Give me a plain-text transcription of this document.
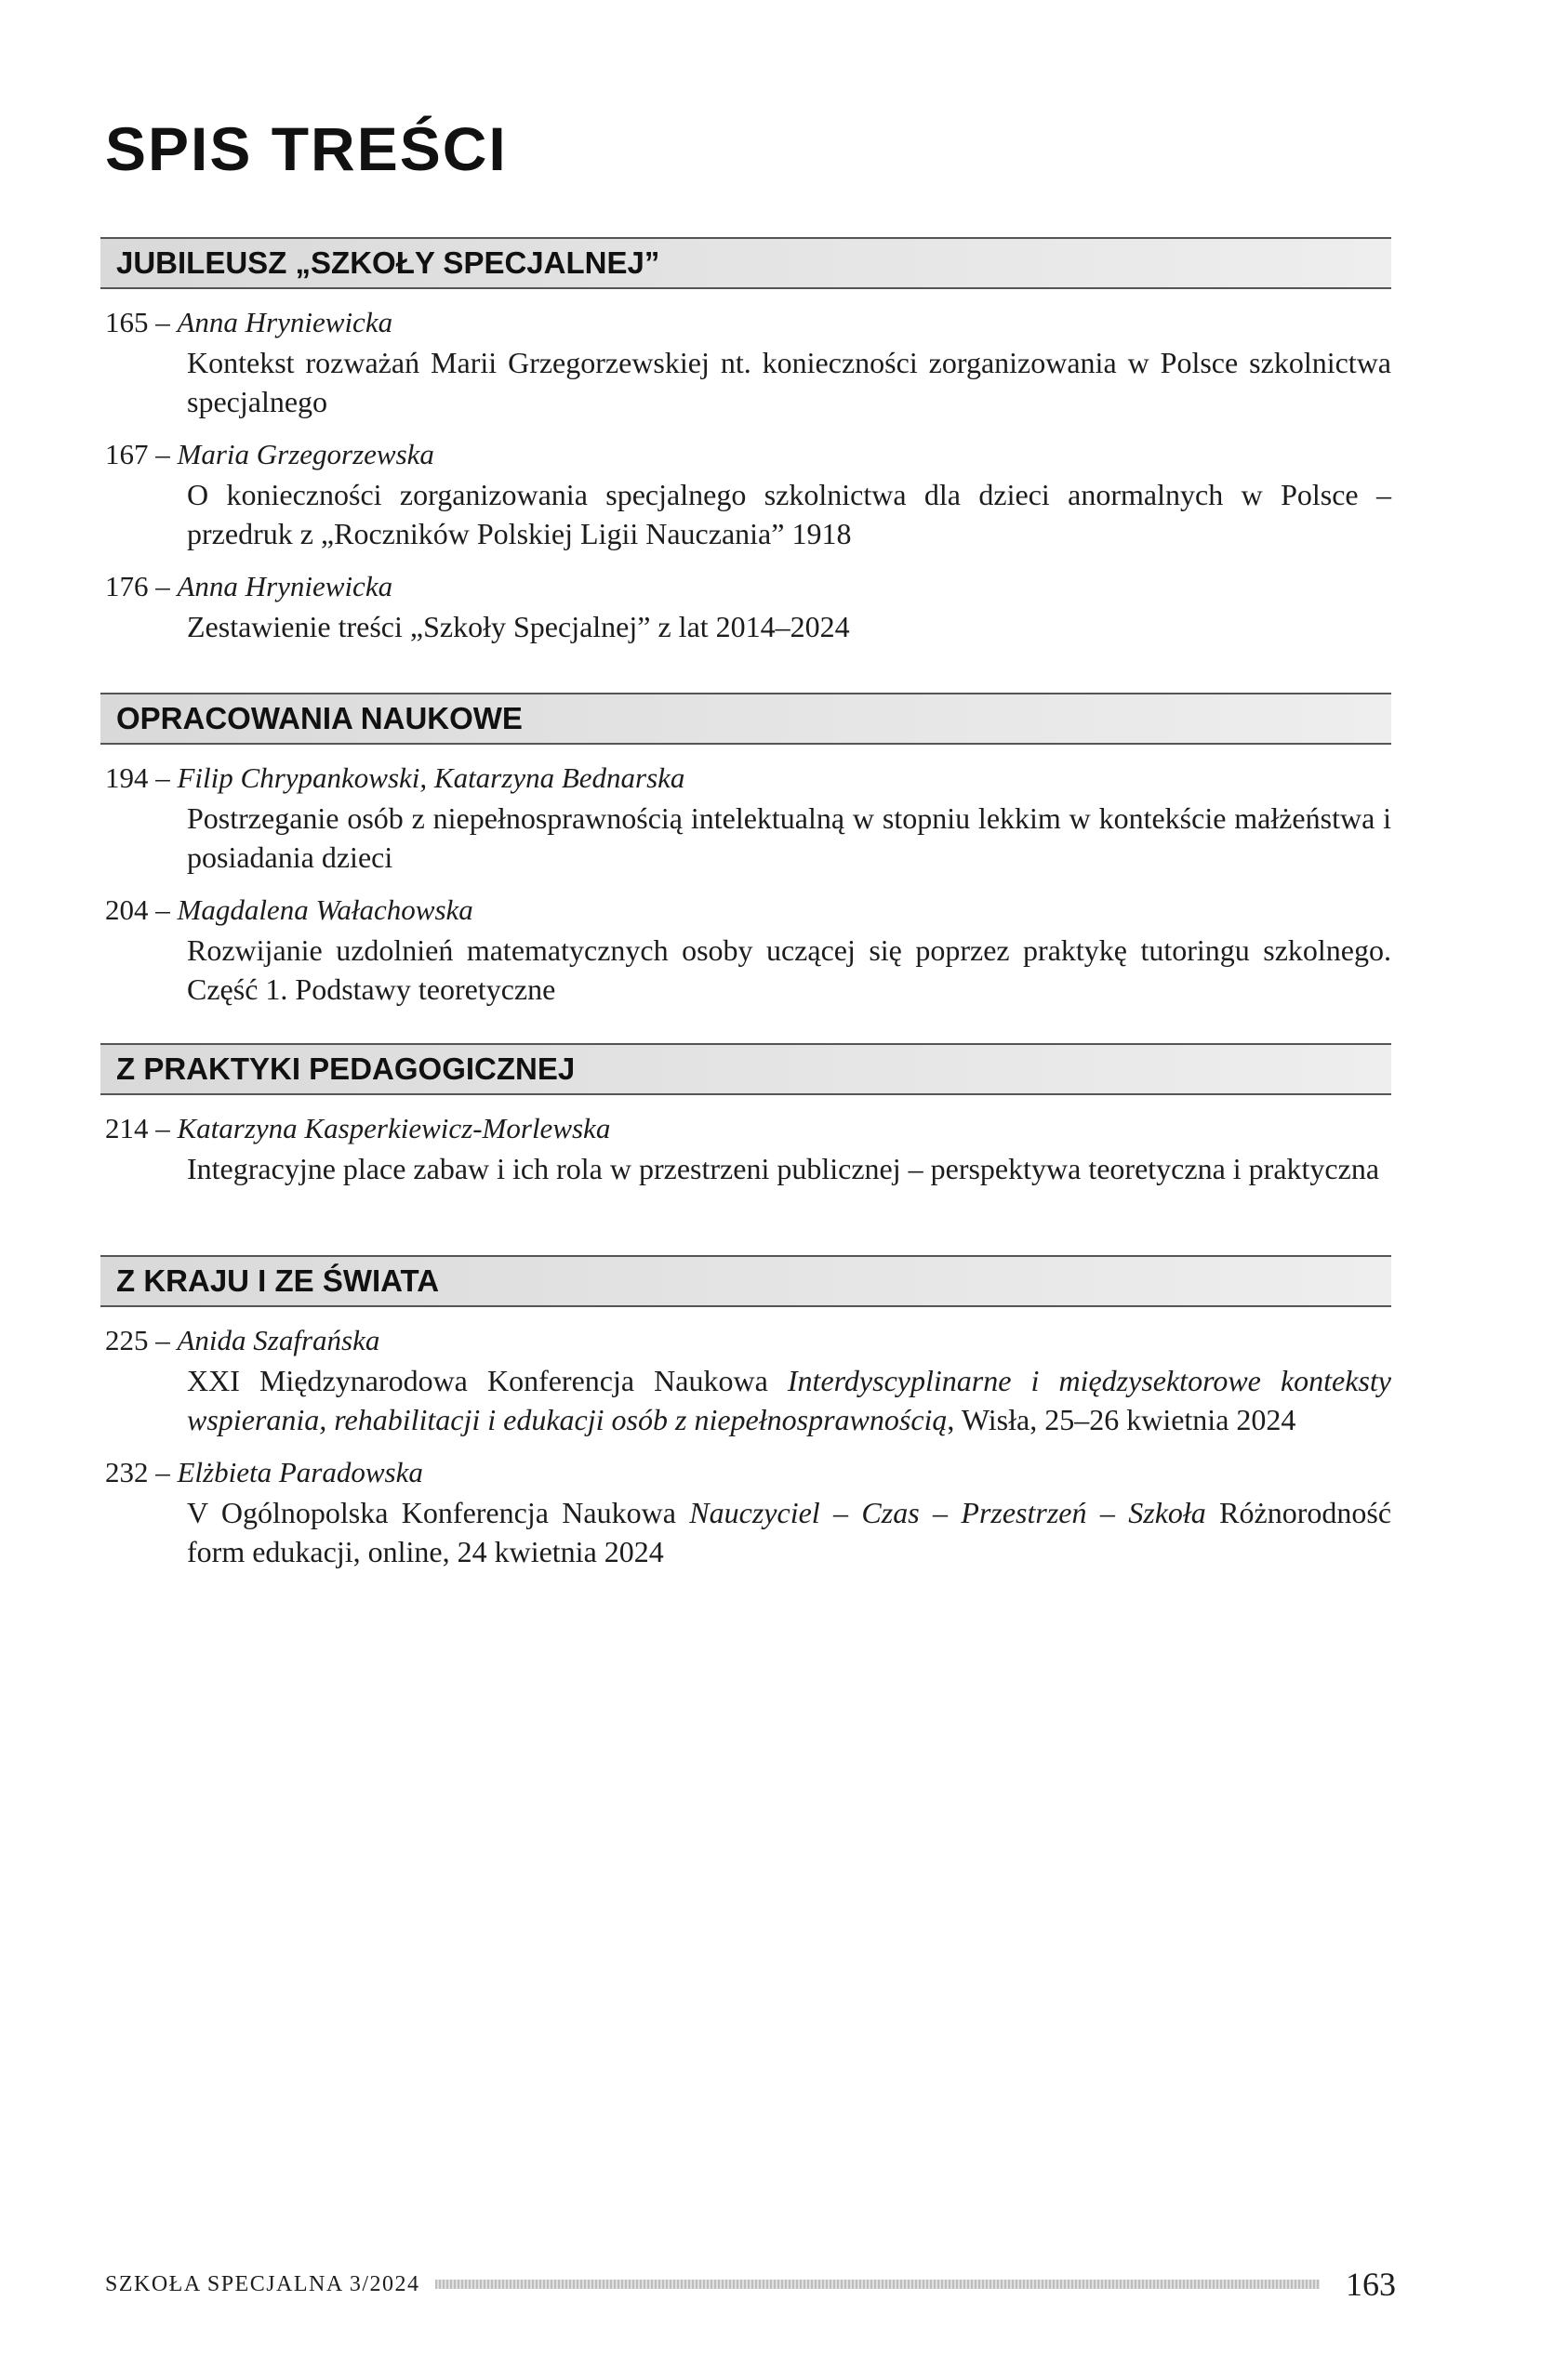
SPIS TREŚCI
JUBILEUSZ „SZKOŁY SPECJALNEJ”
165 – Anna Hryniewicka
Kontekst rozważań Marii Grzegorzewskiej nt. konieczności zorganizowania w Polsce szkolnictwa specjalnego
167 – Maria Grzegorzewska
O konieczności zorganizowania specjalnego szkolnictwa dla dzieci anormalnych w Polsce – przedruk z „Roczników Polskiej Ligii Nauczania” 1918
176 – Anna Hryniewicka
Zestawienie treści „Szkoły Specjalnej” z lat 2014–2024
OPRACOWANIA NAUKOWE
194 – Filip Chrypankowski, Katarzyna Bednarska
Postrzeganie osób z niepełnosprawnością intelektualną w stopniu lekkim w kontekście małżeństwa i posiadania dzieci
204 – Magdalena Wałachowska
Rozwijanie uzdolnień matematycznych osoby uczącej się poprzez praktykę tutoringu szkolnego. Część 1. Podstawy teoretyczne
Z PRAKTYKI PEDAGOGICZNEJ
214 – Katarzyna Kasperkiewicz-Morlewska
Integracyjne place zabaw i ich rola w przestrzeni publicznej – perspektywa teoretyczna i praktyczna
Z KRAJU I ZE ŚWIATA
225 – Anida Szafrańska
XXI Międzynarodowa Konferencja Naukowa Interdyscyplinarne i międzysektorowe konteksty wspierania, rehabilitacji i edukacji osób z niepełnosprawnością, Wisła, 25–26 kwietnia 2024
232 – Elżbieta Paradowska
V Ogólnopolska Konferencja Naukowa Nauczyciel – Czas – Przestrzeń – Szkoła Różnorodność form edukacji, online, 24 kwietnia 2024
SZKOŁA SPECJALNA 3/2024	163
